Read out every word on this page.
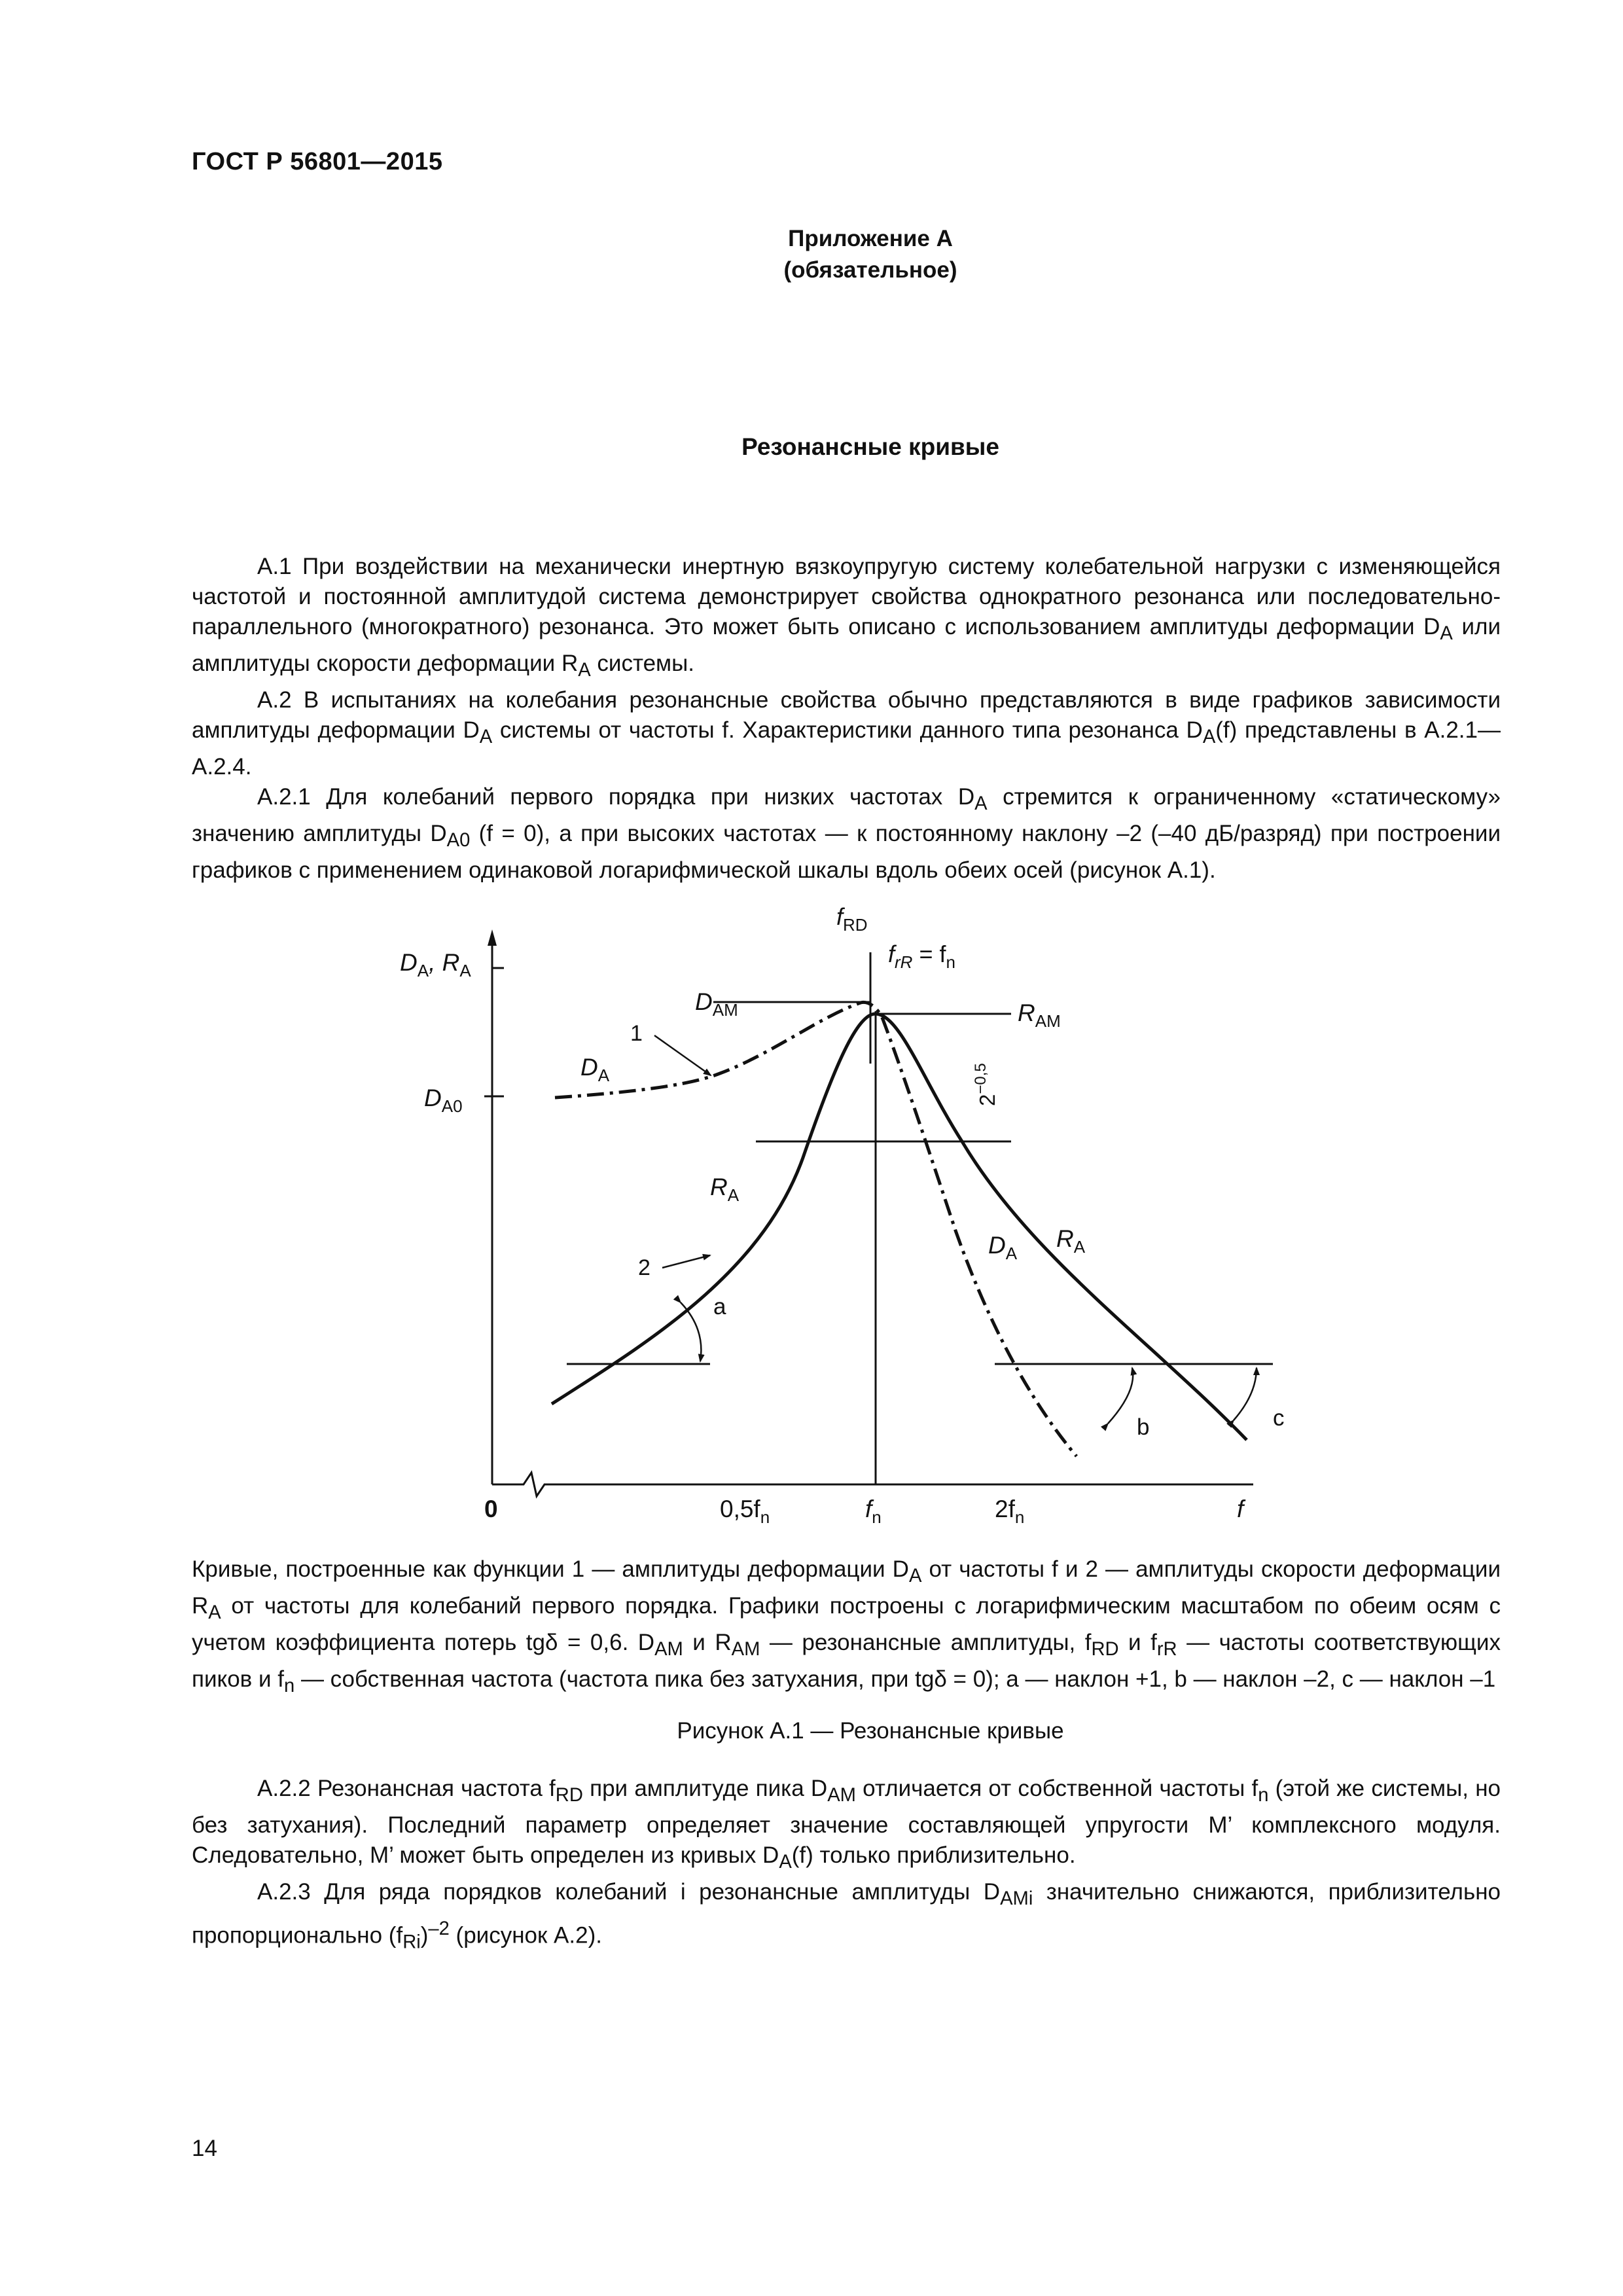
ГОСТ Р 56801—2015
Приложение А
(обязательное)
Резонансные кривые

А.1 При воздействии на механически инертную вязкоупругую систему колебательной нагрузки с изменяющейся частотой и постоянной амплитудой система демонстрирует свойства однократного резонанса или последовательно-параллельного (многократного) резонанса. Это может быть описано с использованием амплитуды деформации $D_A$ или амплитуды скорости деформации $R_A$ системы.

А.2 В испытаниях на колебания резонансные свойства обычно представляются в виде графиков зависимости амплитуды деформации $D_A$ системы от частоты f. Характеристики данного типа резонанса $D_A(f)$ представлены в А.2.1—А.2.4.

А.2.1 Для колебаний первого порядка при низких частотах $D_A$ стремится к ограниченному «статическому» значению амплитуды $D_{A0}$ (f = 0), а при высоких частотах — к постоянному наклону –2 (–40 дБ/разряд) при построении графиков с применением одинаковой логарифмической шкалы вдоль обеих осей (рисунок А.1).

$f_{RD}$
$f_{rR} = f_n$
$D_A$, $R_A$
$D_{AM}$	$R_{AM}$
1
$D_A$
$D_{A0}$	$2^{-0,5}$
$R_A$
$D_A$
$R_A$
2
a
b	c
0	$0,5f_n$	$f_n$	$2f_n$	f
Кривые, построенные как функции 1 — амплитуды деформации $D_A$ от частоты f и 2 — амплитуды скорости деформации $R_A$ от частоты для колебаний первого порядка. Графики построены с логарифмическим масштабом по обеим осям с учетом коэффициента потерь tgδ = 0,6. $D_{AM}$ и $R_{AM}$ — резонансные амплитуды, $f_{RD}$ и $f_{rR}$ — частоты соответствующих пиков и $f_n$ — собственная частота (частота пика без затухания, при tgδ = 0); a — наклон +1, b — наклон –2, c — наклон –1
Рисунок А.1 — Резонансные кривые

А.2.2 Резонансная частота $f_{RD}$ при амплитуде пика $D_{AM}$ отличается от собственной частоты $f_n$ (этой же системы, но без затухания). Последний параметр определяет значение составляющей упругости M’ комплексного модуля. Следовательно, M’ может быть определен из кривых $D_A(f)$ только приблизительно.

А.2.3 Для ряда порядков колебаний i резонансные амплитуды $D_{AMi}$ значительно снижаются, приблизительно пропорционально $(f_{Ri})^{-2}$ (рисунок А.2).

14
